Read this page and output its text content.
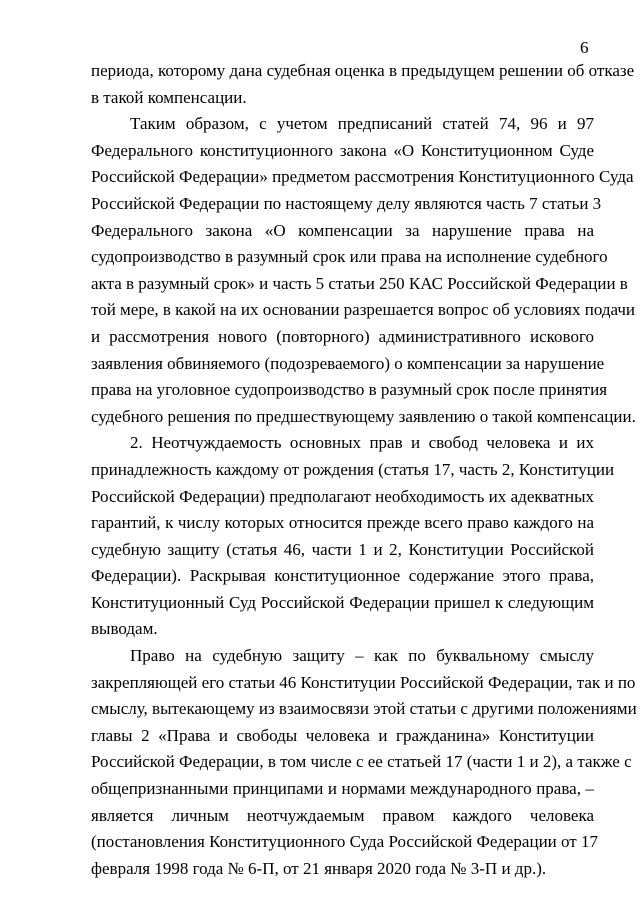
6
периода, которому дана судебная оценка в предыдущем решении об отказе
в такой компенсации.
Таким образом, с учетом предписаний статей 74, 96 и 97
Федерального конституционного закона «О Конституционном Суде
Российской Федерации» предметом рассмотрения Конституционного Суда
Российской Федерации по настоящему делу являются часть 7 статьи 3
Федерального закона «О компенсации за нарушение права на
судопроизводство в разумный срок или права на исполнение судебного
акта в разумный срок» и часть 5 статьи 250 КАС Российской Федерации в
той мере, в какой на их основании разрешается вопрос об условиях подачи
и рассмотрения нового (повторного) административного искового
заявления обвиняемого (подозреваемого) о компенсации за нарушение
права на уголовное судопроизводство в разумный срок после принятия
судебного решения по предшествующему заявлению о такой компенсации.
2. Неотчуждаемость основных прав и свобод человека и их
принадлежность каждому от рождения (статья 17, часть 2, Конституции
Российской Федерации) предполагают необходимость их адекватных
гарантий, к числу которых относится прежде всего право каждого на
судебную защиту (статья 46, части 1 и 2, Конституции Российской
Федерации). Раскрывая конституционное содержание этого права,
Конституционный Суд Российской Федерации пришел к следующим
выводам.
Право на судебную защиту – как по буквальному смыслу
закрепляющей его статьи 46 Конституции Российской Федерации, так и по
смыслу, вытекающему из взаимосвязи этой статьи с другими положениями
главы 2 «Права и свободы человека и гражданина» Конституции
Российской Федерации, в том числе с ее статьей 17 (части 1 и 2), а также с
общепризнанными принципами и нормами международного права, –
является личным неотчуждаемым правом каждого человека
(постановления Конституционного Суда Российской Федерации от 17
февраля 1998 года № 6-П, от 21 января 2020 года № 3-П и др.).
